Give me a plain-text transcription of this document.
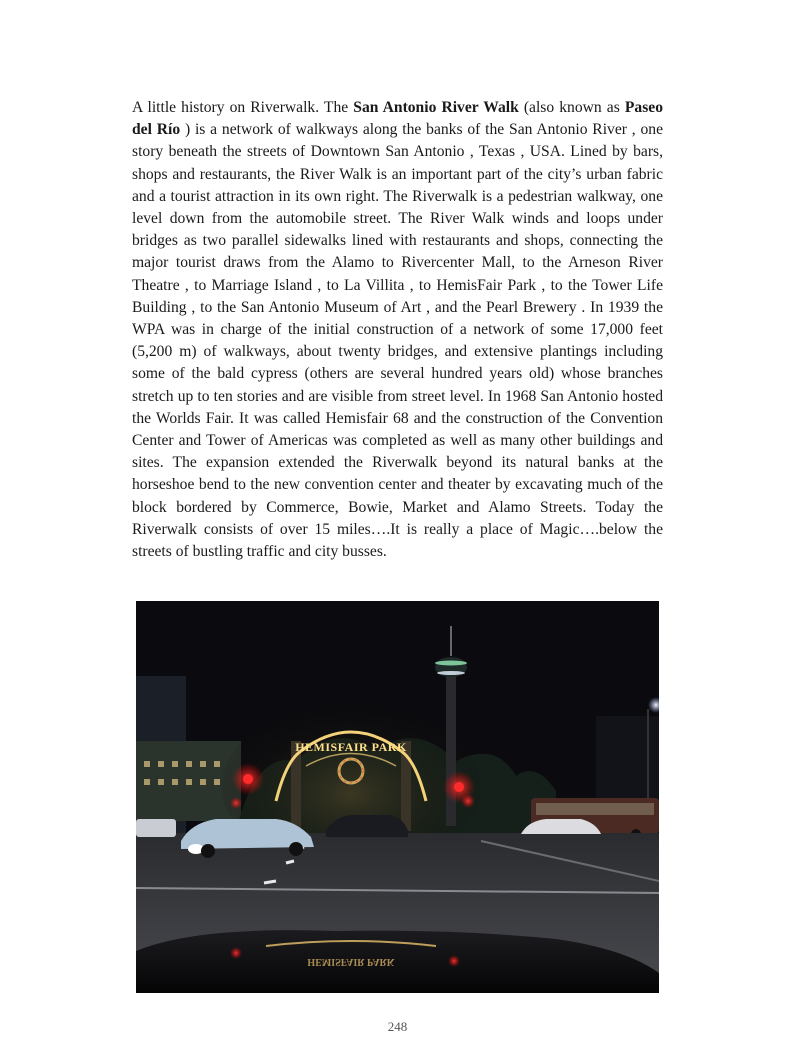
A little history on Riverwalk. The San Antonio River Walk (also known as Paseo del Río ) is a network of walkways along the banks of the San Antonio River , one story beneath the streets of Downtown San Antonio , Texas , USA. Lined by bars, shops and restaurants, the River Walk is an important part of the city’s urban fabric and a tourist attraction in its own right. The Riverwalk is a pedestrian walkway, one level down from the automobile street. The River Walk winds and loops under bridges as two parallel sidewalks lined with restaurants and shops, connecting the major tourist draws from the Alamo to Rivercenter Mall, to the Arneson River Theatre , to Marriage Island , to La Villita , to HemisFair Park , to the Tower Life Building , to the San Antonio Museum of Art , and the Pearl Brewery . In 1939 the WPA was in charge of the initial construction of a network of some 17,000 feet (5,200 m) of walkways, about twenty bridges, and extensive plantings including some of the bald cypress (others are several hundred years old) whose branches stretch up to ten stories and are visible from street level. In 1968 San Antonio hosted the Worlds Fair. It was called Hemisfair 68 and the construction of the Convention Center and Tower of Americas was completed as well as many other buildings and sites. The expansion extended the Riverwalk beyond its natural banks at the horseshoe bend to the new convention center and theater by excavating much of the block bordered by Commerce, Bowie, Market and Alamo Streets. Today the Riverwalk consists of over 15 miles….It is really a place of Magic….below the streets of bustling traffic and city busses.

HEMISFAIR PARK
HEMISFAIR PARK
248
